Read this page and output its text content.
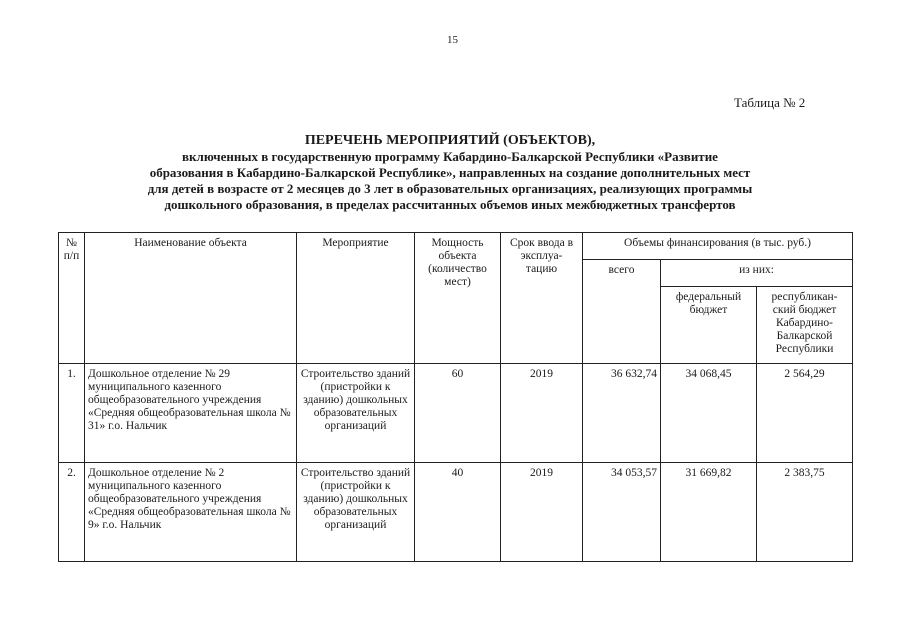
15
Таблица № 2
ПЕРЕЧЕНЬ МЕРОПРИЯТИЙ (ОБЪЕКТОВ),
включенных в государственную программу Кабардино-Балкарской Республики «Развитие
образования в Кабардино-Балкарской Республике», направленных на создание дополнительных мест
для детей в возрасте от 2 месяцев до 3 лет в образовательных организациях, реализующих программы
дошкольного образования, в пределах рассчитанных объемов иных межбюджетных трансфертов
№ п/п	Наименование объекта	Мероприятие	Мощность объекта (количество мест)	Срок ввода в эксплуа- тацию	Объемы финансирования (в тыс. руб.)		
					всего	из них:	
						федеральный бюджет	республикан- ский бюджет Кабардино- Балкарской Республики
1.	Дошкольное отделение № 29 муниципального казенного общеобразовательного учреждения «Средняя общеобразовательная школа № 31» г.о. Нальчик	Строительство зданий (пристройки к зданию) дошкольных образовательных организаций	60	2019	36 632,74	34 068,45	2 564,29
2.	Дошкольное отделение № 2 муниципального казенного общеобразовательного учреждения «Средняя общеобразовательная школа № 9» г.о. Нальчик	Строительство зданий (пристройки к зданию) дошкольных образовательных организаций	40	2019	34 053,57	31 669,82	2 383,75
